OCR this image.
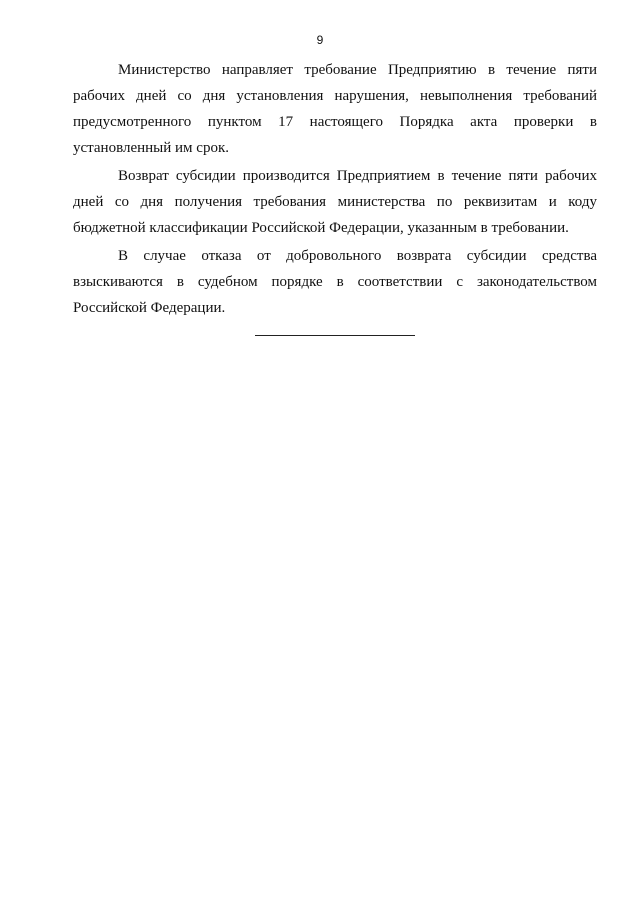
9

Министерство направляет требование Предприятию в течение пяти рабочих дней со дня установления нарушения, невыполнения требований предусмотренного пунктом 17 настоящего Порядка акта проверки в установленный им срок.

Возврат субсидии производится Предприятием в течение пяти рабочих дней со дня получения требования министерства по реквизитам и коду бюджетной классификации Российской Федерации, указанным в требовании.

В случае отказа от добровольного возврата субсидии средства взыскиваются в судебном порядке в соответствии с законодательством Российской Федерации.
